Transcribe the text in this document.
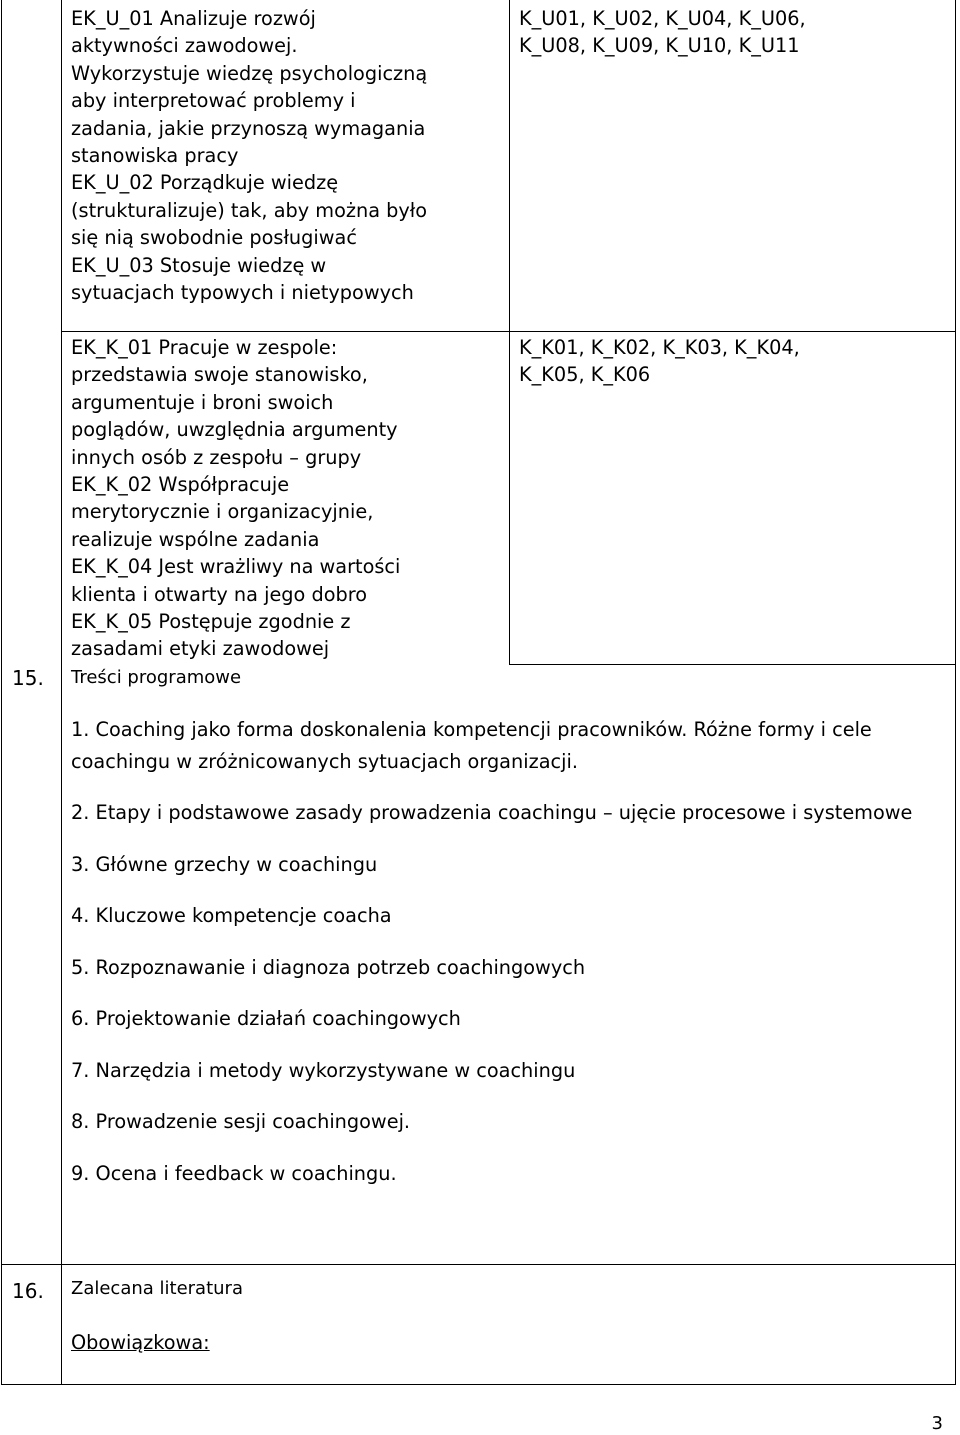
EK_U_01 Analizuje rozwój
aktywności zawodowej.
Wykorzystuje wiedzę psychologiczną
aby interpretować problemy i
zadania, jakie przynoszą wymagania
stanowiska pracy
EK_U_02 Porządkuje wiedzę
(strukturalizuje) tak, aby można było
się nią swobodnie posługiwać
EK_U_03 Stosuje wiedzę w
sytuacjach typowych i nietypowych
K_U01, K_U02, K_U04, K_U06,
K_U08, K_U09, K_U10, K_U11
EK_K_01 Pracuje w zespole:
przedstawia swoje stanowisko,
argumentuje i broni swoich
poglądów, uwzględnia argumenty
innych osób z zespołu – grupy
EK_K_02 Współpracuje
merytorycznie i organizacyjnie,
realizuje wspólne zadania
EK_K_04 Jest wrażliwy na wartości
klienta i otwarty na jego dobro
EK_K_05 Postępuje zgodnie z
zasadami etyki zawodowej
K_K01, K_K02, K_K03, K_K04,
K_K05, K_K06
15. Treści programowe

1. Coaching jako forma doskonalenia kompetencji pracowników. Różne formy i cele coachingu w zróżnicowanych sytuacjach organizacji.

2. Etapy i podstawowe zasady prowadzenia coachingu – ujęcie procesowe i systemowe

3. Główne grzechy w coachingu

4. Kluczowe kompetencje coacha

5. Rozpoznawanie i diagnoza potrzeb coachingowych

6. Projektowanie działań coachingowych

7. Narzędzia i metody wykorzystywane w coachingu

8. Prowadzenie sesji coachingowej.

9. Ocena i feedback w coachingu.

16. Zalecana literatura
Obowiązkowa:
3
